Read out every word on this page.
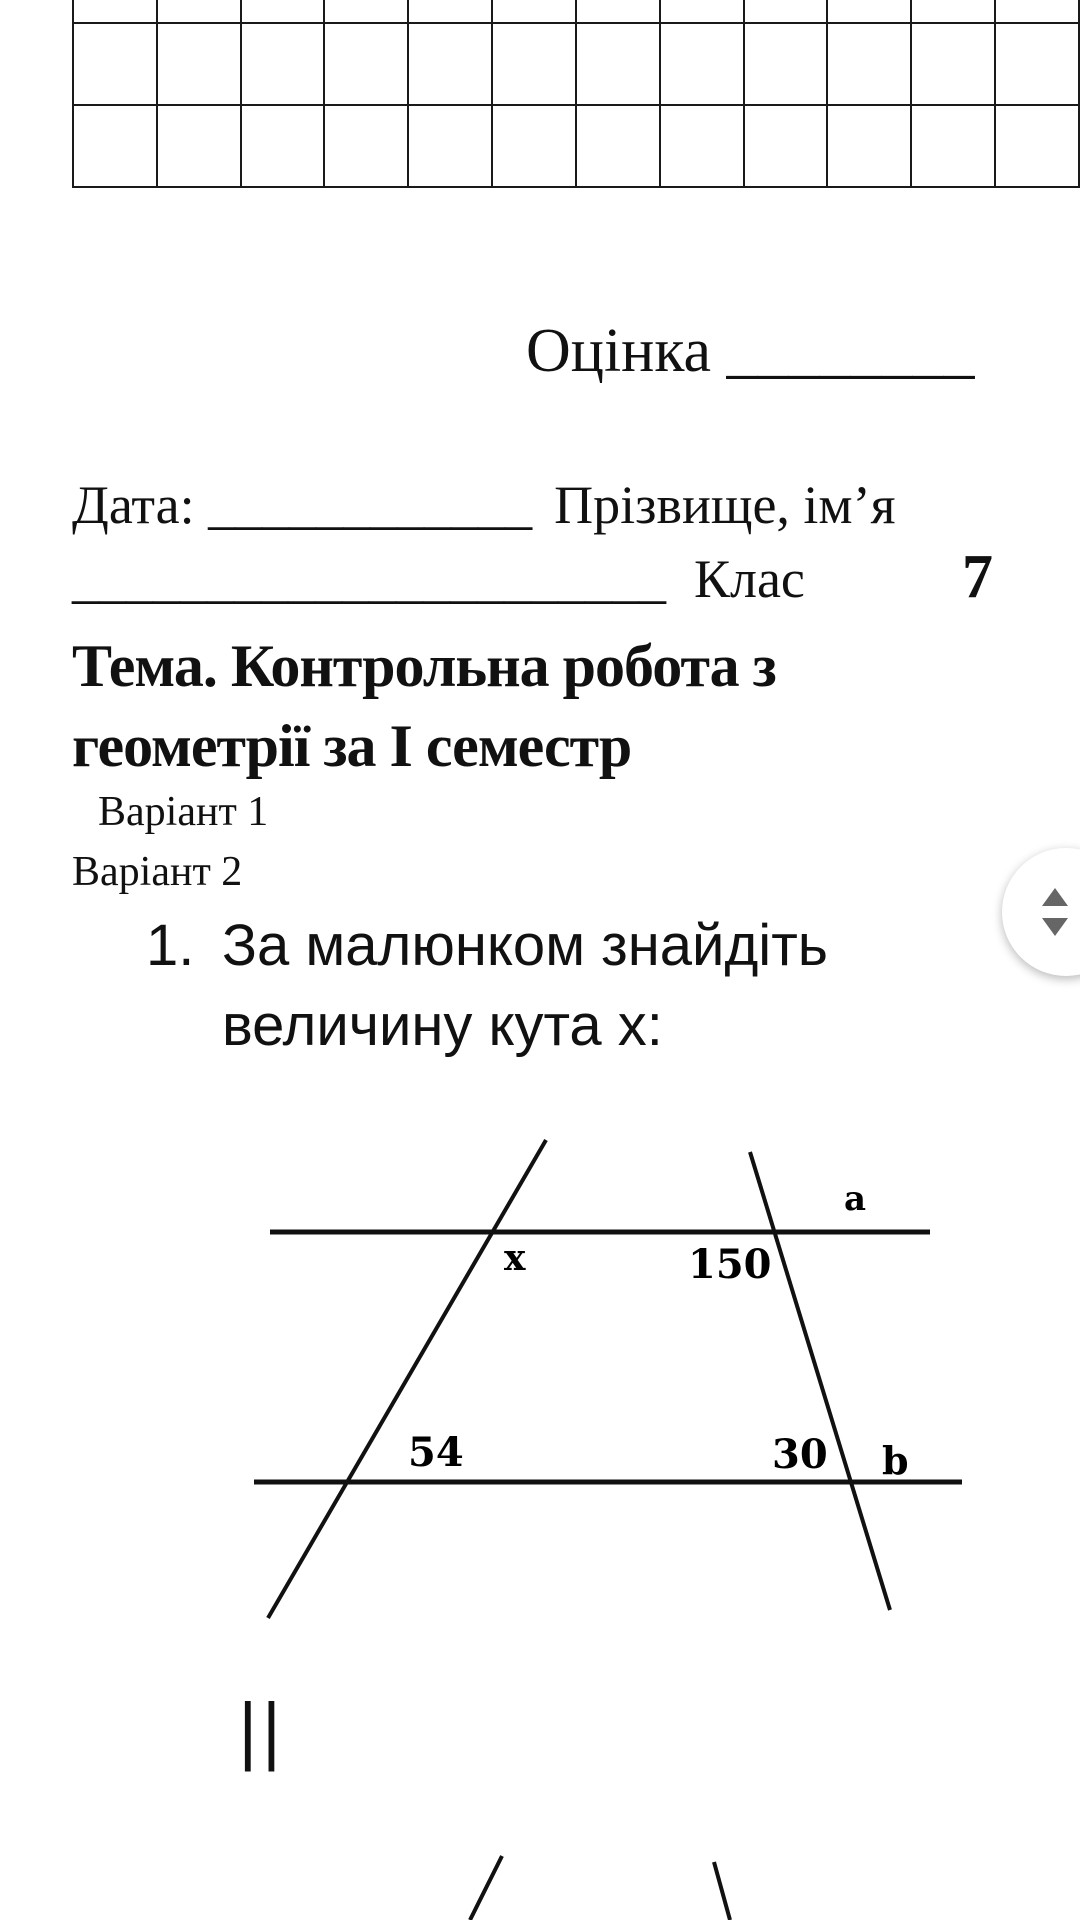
Оцінка ________
Дата: ____________ Прізвище, ім’я
______________________ Клас	7
Тема. Контрольна робота з геометрії за І семестр
Варіант 1
Варіант 2
1. За малюнком знайдіть величину кута x:
a
x	150
54	30 b
||
